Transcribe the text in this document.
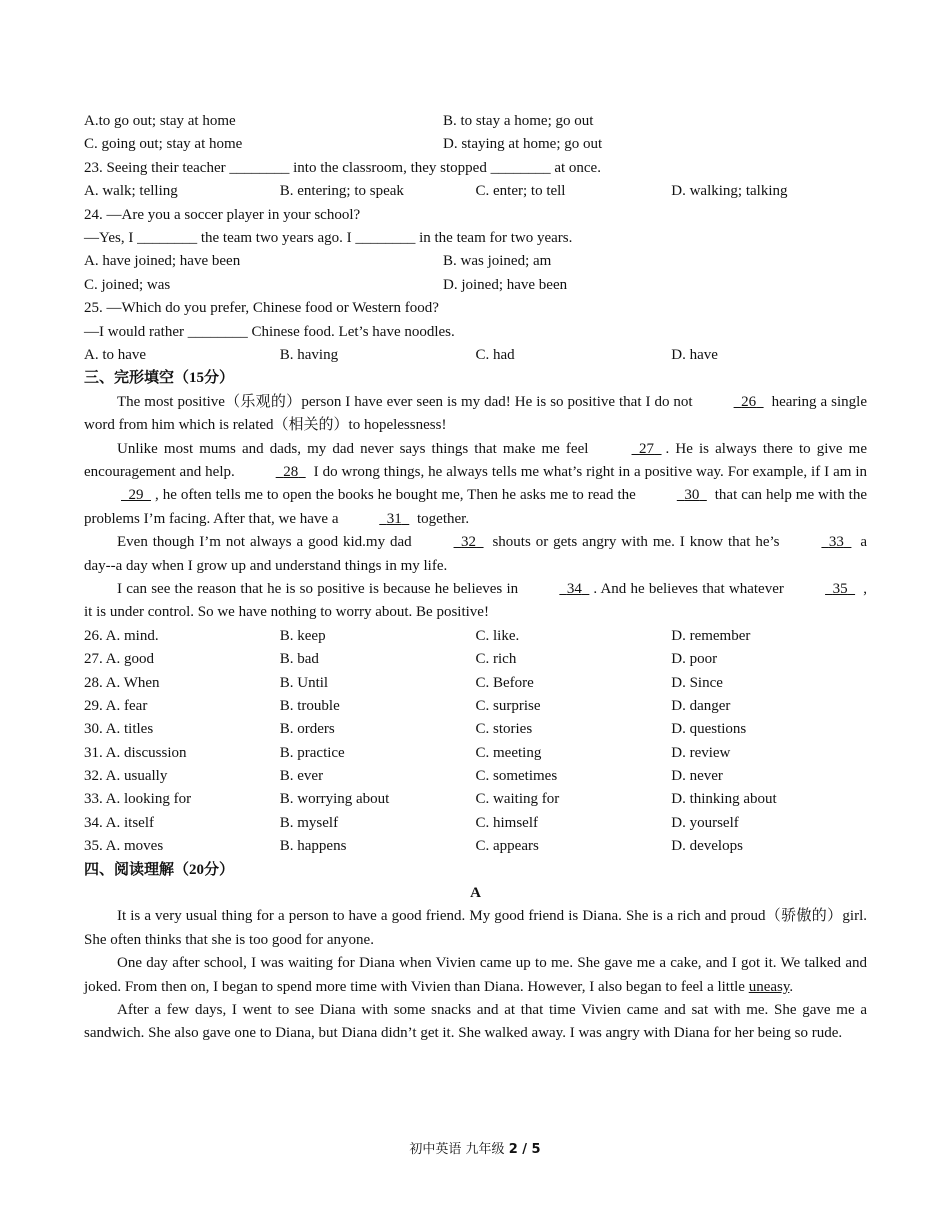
A.to go out; stay at home	B. to stay a home; go out
C. going out; stay at home	D. staying at home; go out
23. Seeing their teacher ________ into the classroom, they stopped ________ at once.
A. walk; telling	B. entering; to speak	C. enter; to tell	D. walking; talking
24. —Are you a soccer player in your school?
—Yes, I ________ the team two years ago. I ________ in the team for two years.
A. have joined; have been	B. was joined; am
C. joined; was	D. joined; have been
25. —Which do you prefer, Chinese food or Western food?
—I would rather ________ Chinese food. Let’s have noodles.
A. to have	B. having	C. had	D. have
三、完形填空（15分）

The most positive（乐观的）person I have ever seen is my dad! He is so positive that I do not	26   hearing a single word from him which is related（相关的）to hopelessness!

Unlike most mums and dads, my dad never says things that make me feel	27 . He is always there to give me encouragement and help.	28   I do wrong things, he always tells me what’s right in a positive way. For example, if I am in   29 , he often tells me to open the books he bought me, Then he asks me to read the	30   that can help me with the problems I’m facing. After that, we have a	31   together.

Even though I’m not always a good kid.my dad	32   shouts or gets angry with me. I know that he’s	33   a day--a day when I grow up and understand things in my life.

I can see the reason that he is so positive is because he believes in	34 . And he believes that whatever	35   , it is under control. So we have nothing to worry about. Be positive!

26. A. mind.	B. keep	C. like.	D. remember
27. A. good	B. bad	C. rich	D. poor
28. A. When	B. Until	C. Before	D. Since
29. A. fear	B. trouble	C. surprise	D. danger
30. A. titles	B. orders	C. stories	D. questions
31. A. discussion	B. practice	C. meeting	D. review
32. A. usually	B. ever	C. sometimes	D. never
33. A. looking for	B. worrying about	C. waiting for	D. thinking about
34. A. itself	B. myself	C. himself	D. yourself
35. A. moves	B. happens	C. appears	D. develops
四、阅读理解（20分）
A

It is a very usual thing for a person to have a good friend. My good friend is Diana. She is a rich and proud（骄傲的）girl. She often thinks that she is too good for anyone.

One day after school, I was waiting for Diana when Vivien came up to me. She gave me a cake, and I got it. We talked and joked. From then on, I began to spend more time with Vivien than Diana. However, I also began to feel a little uneasy.

After a few days, I went to see Diana with some snacks and at that time Vivien came and sat with me. She gave me a sandwich. She also gave one to Diana, but Diana didn’t get it. She walked away. I was angry with Diana for her being so rude.

初中英语 九年级 2 / 5
